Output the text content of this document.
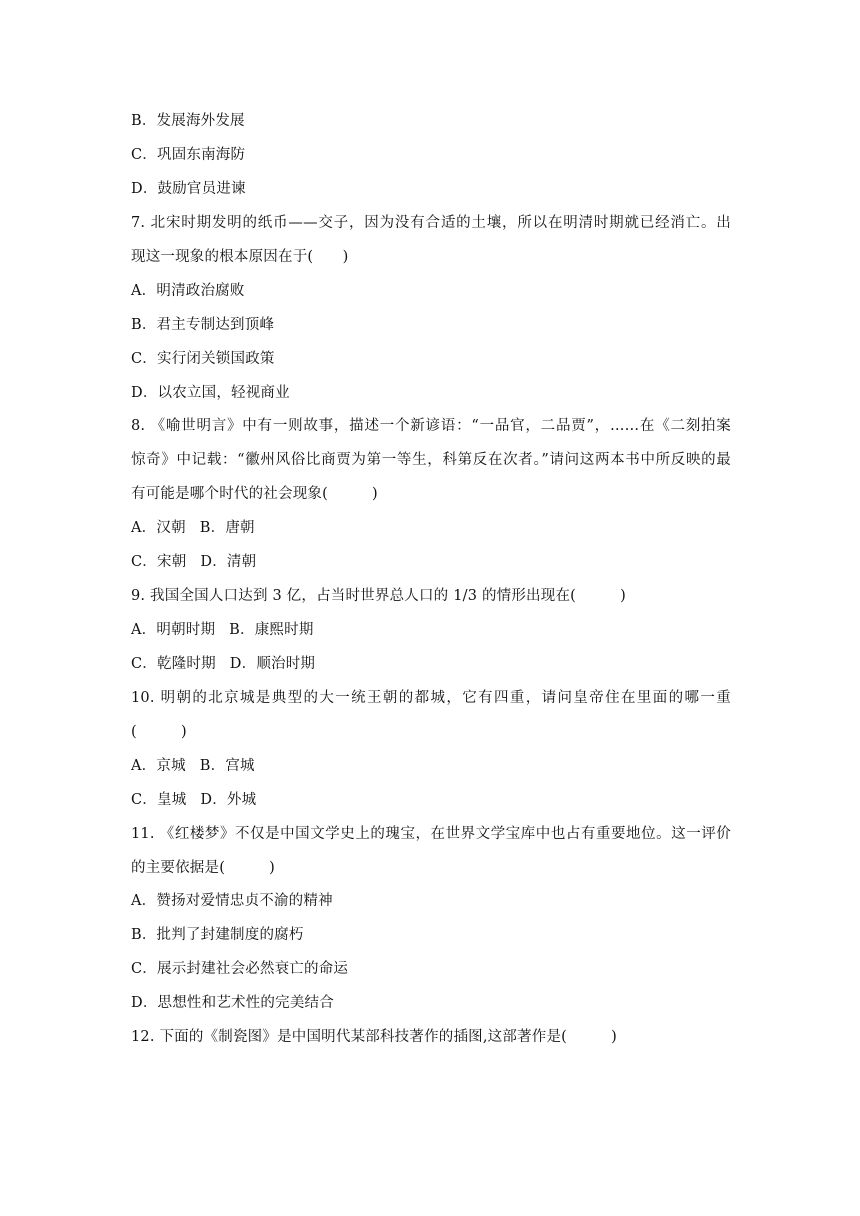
B．发展海外发展
C．巩固东南海防
D．鼓励官员进谏
7. 北宋时期发明的纸币——交子，因为没有合适的土壤，所以在明清时期就已经消亡。出
现这一现象的根本原因在于(　　)
A．明清政治腐败
B．君主专制达到顶峰
C．实行闭关锁国政策
D．以农立国，轻视商业
8. 《喻世明言》中有一则故事，描述一个新谚语：“一品官，二品贾”，……在《二刻拍案
惊奇》中记载：“徽州风俗比商贾为第一等生，科第反在次者。”请问这两本书中所反映的最
有可能是哪个时代的社会现象(　　　)
A．汉朝 B．唐朝
C．宋朝 D．清朝
9. 我国全国人口达到 3 亿，占当时世界总人口的 1/3 的情形出现在(　　　)
A．明朝时期 B．康熙时期
C．乾隆时期 D．顺治时期
10. 明朝的北京城是典型的大一统王朝的都城，它有四重，请问皇帝住在里面的哪一重
(　　　)
A．京城 B．宫城
C．皇城 D．外城
11. 《红楼梦》不仅是中国文学史上的瑰宝，在世界文学宝库中也占有重要地位。这一评价
的主要依据是(　　　)
A．赞扬对爱情忠贞不渝的精神
B．批判了封建制度的腐朽
C．展示封建社会必然衰亡的命运
D．思想性和艺术性的完美结合
12. 下面的《制瓷图》是中国明代某部科技著作的插图,这部著作是(　　　)
